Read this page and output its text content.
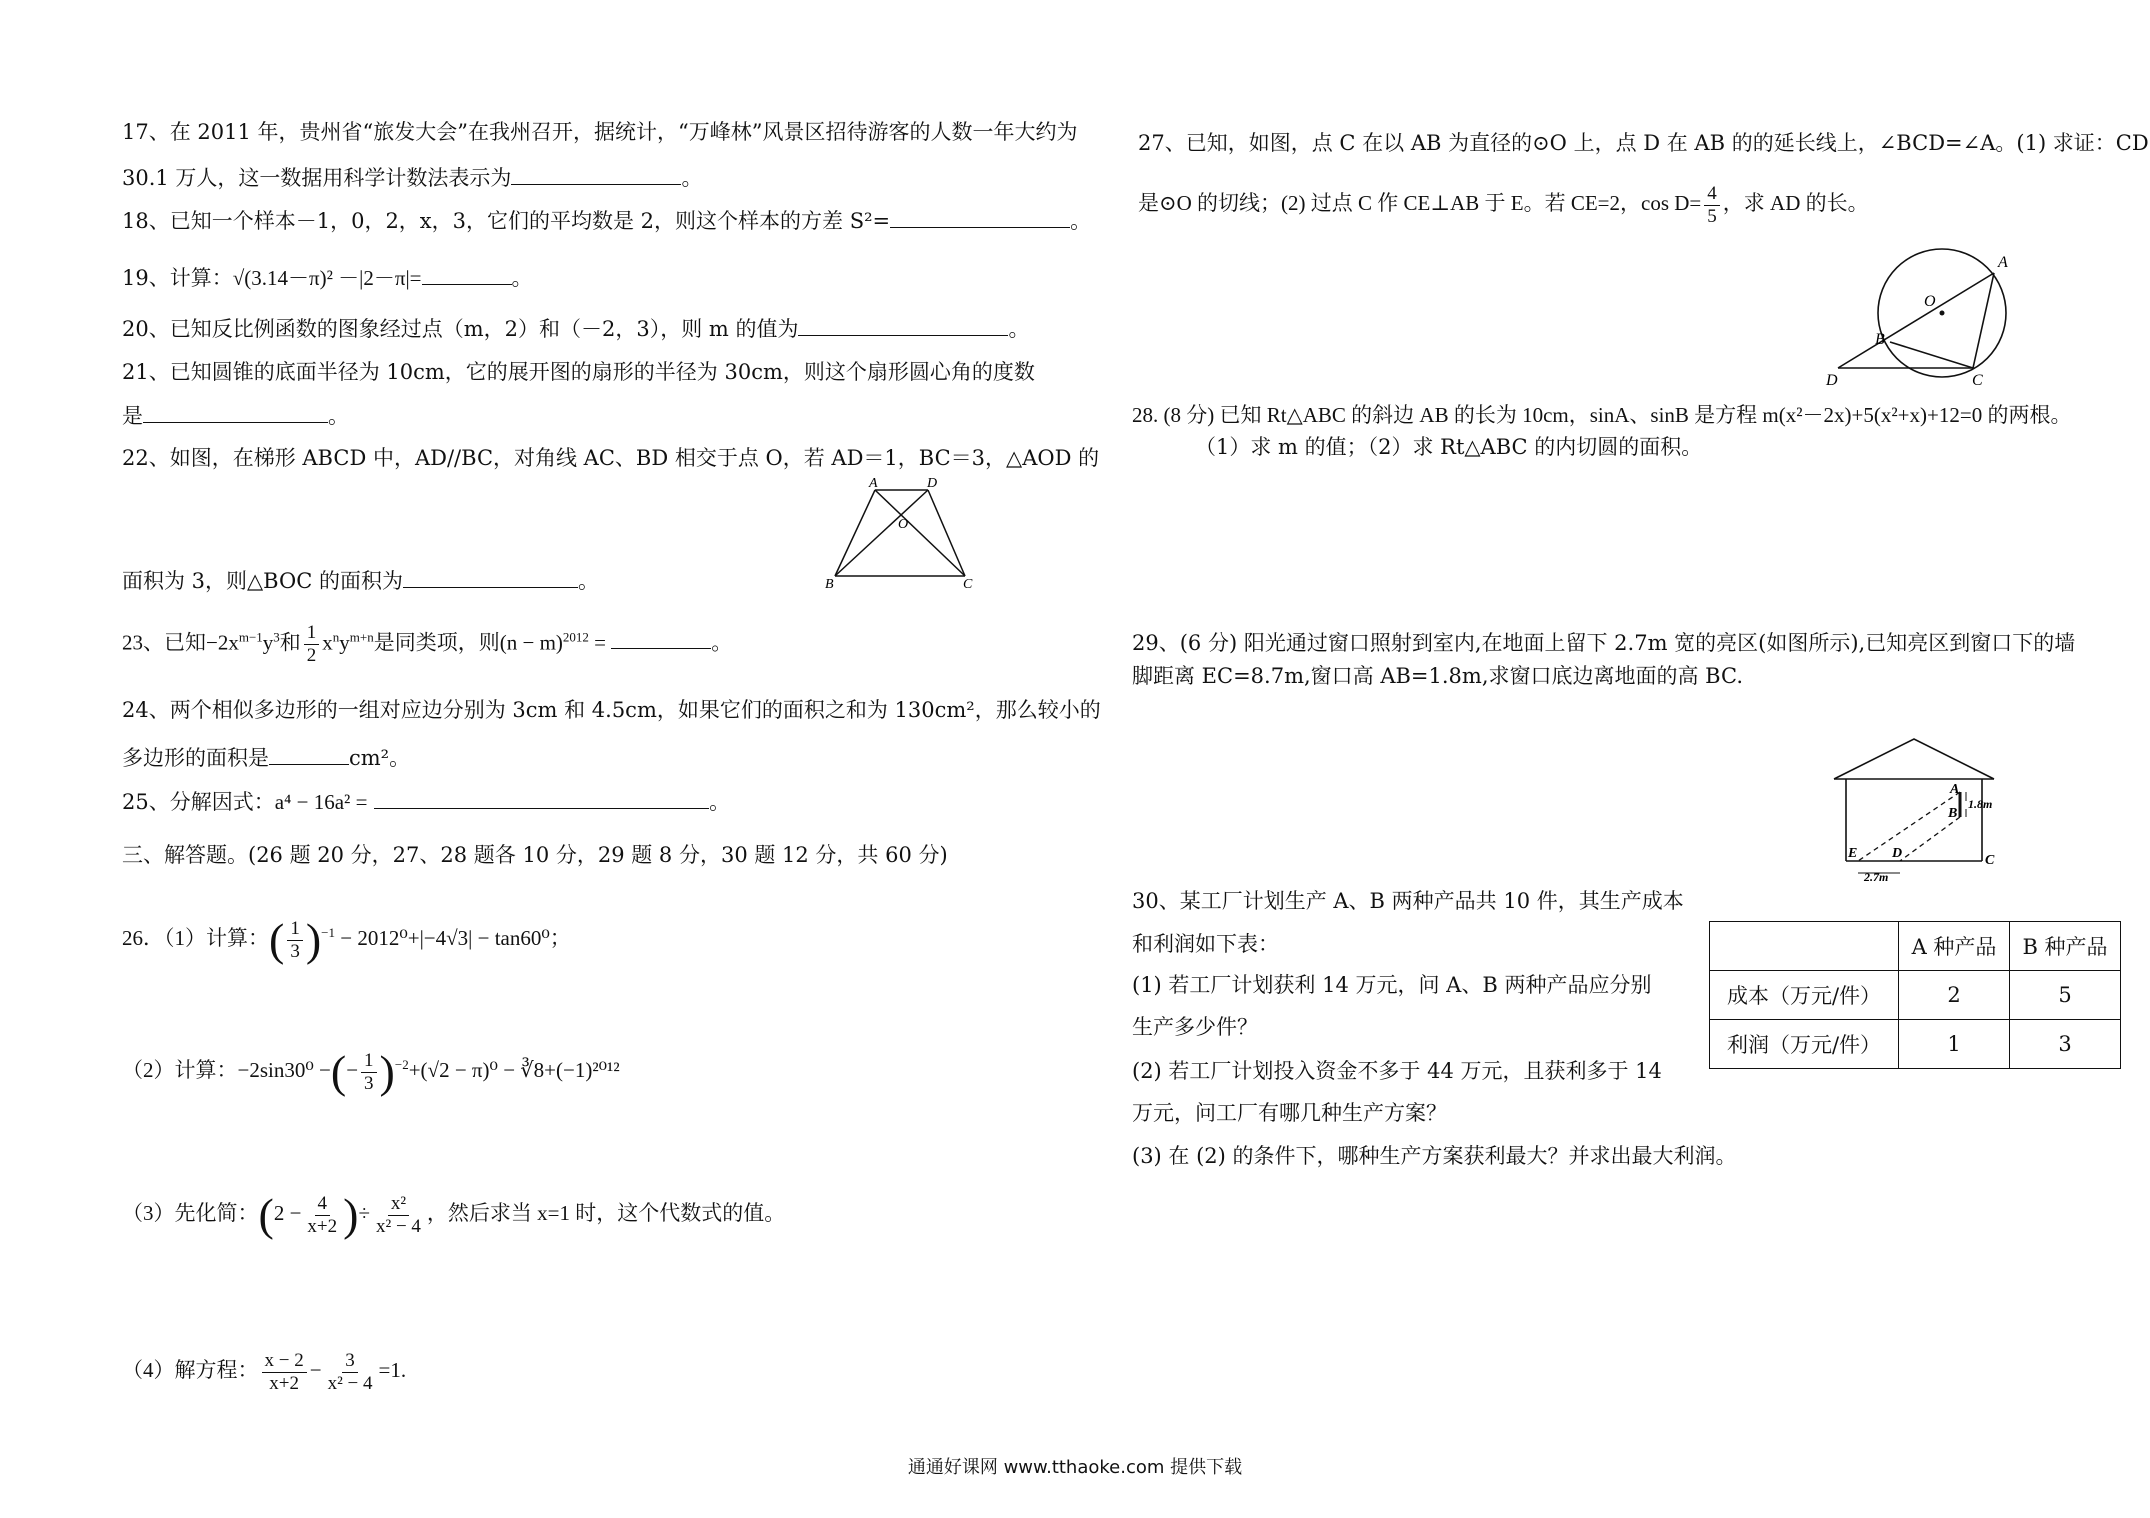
17、在 2011 年，贵州省“旅发大会”在我州召开，据统计，“万峰林”风景区招待游客的人数一年大约为
30.1 万人，这一数据用科学计数法表示为	。
18、已知一个样本－1，0，2，x，3，它们的平均数是 2，则这个样本的方差 S²=	。
19、计算：√(3.14－π)² －|2－π|=	。
20、已知反比例函数的图象经过点（m，2）和（－2，3），则 m 的值为	。
21、已知圆锥的底面半径为 10cm，它的展开图的扇形的半径为 30cm，则这个扇形圆心角的度数
是	。
22、如图，在梯形 ABCD 中，AD//BC，对角线 AC、BD 相交于点 O，若 AD＝1，BC＝3，△AOD 的
A	D
O
B	C
面积为 3，则△BOC 的面积为	。
23、已知$-2x^{m-1}y^3$和 $\frac{1}{2} x^ny^{m+n}$是同类项，则$(n - m)^{2012}$ =	。
24、两个相似多边形的一组对应边分别为 3cm 和 4.5cm，如果它们的面积之和为 130cm²，那么较小的
多边形的面积是	cm²。
25、分解因式：a⁴ − 16a² =	。
三、解答题。(26 题 20 分，27、28 题各 10 分，29 题 8 分，30 题 12 分，共 60 分)
26．（1）计算：( $\frac{1}{3} )^{-1} - 2012^0+|-4√3| - \tan 60^0$；
（2）计算：−2sin30⁰ −(− $\frac{1}{3} )^{-2}+(√2 - \pi)^0$ − ∛8+(−1)²⁰¹²
（3）先化简：($2 - \frac{4}{x+2}$ )÷ $\frac{\text{x²}}{\text{x² − 4}}$ ，然后求当 x=1 时，这个代数式的值。
（4）解方程： $\frac{x - 2}{x+2} - \frac{3}{\text{x² − 4}} =1$.
27、已知，如图，点 C 在以 AB 为直径的⊙O 上，点 D 在 AB 的的延长线上，∠BCD=∠A。(1) 求证：CD
是⊙O 的切线；(2) 过点 C 作 CE⊥AB 于 E。若 CE=2，$\cos D= \frac{4}{5}$ ，求 AD 的长。
A
O
B
D	C
28. (8 分) 已知 Rt△ABC 的斜边 AB 的长为 10cm，sinA、sinB 是方程 m(x²－2x)+5(x²+x)+12=0 的两根。
（1）求 m 的值；（2）求 Rt△ABC 的内切圆的面积。
29、(6 分) 阳光通过窗口照射到室内,在地面上留下 2.7m 宽的亮区(如图所示),已知亮区到窗口下的墙
脚距离 EC=8.7m,窗口高 AB=1.8m,求窗口底边离地面的高 BC.
A
1.8m
B
C
E D
2.7m
30、某工厂计划生产 A、B 两种产品共 10 件，其生产成本
和利润如下表：
(1) 若工厂计划获利 14 万元，问 A、B 两种产品应分别
生产多少件？
(2) 若工厂计划投入资金不多于 44 万元，且获利多于 14
万元，问工厂有哪几种生产方案？
(3) 在 (2) 的条件下，哪种生产方案获利最大？并求出最大利润。
	A 种产品	B 种产品
成本（万元/件）	2	5
利润（万元/件）	1	3
通通好课网 www.tthaoke.com 提供下载
